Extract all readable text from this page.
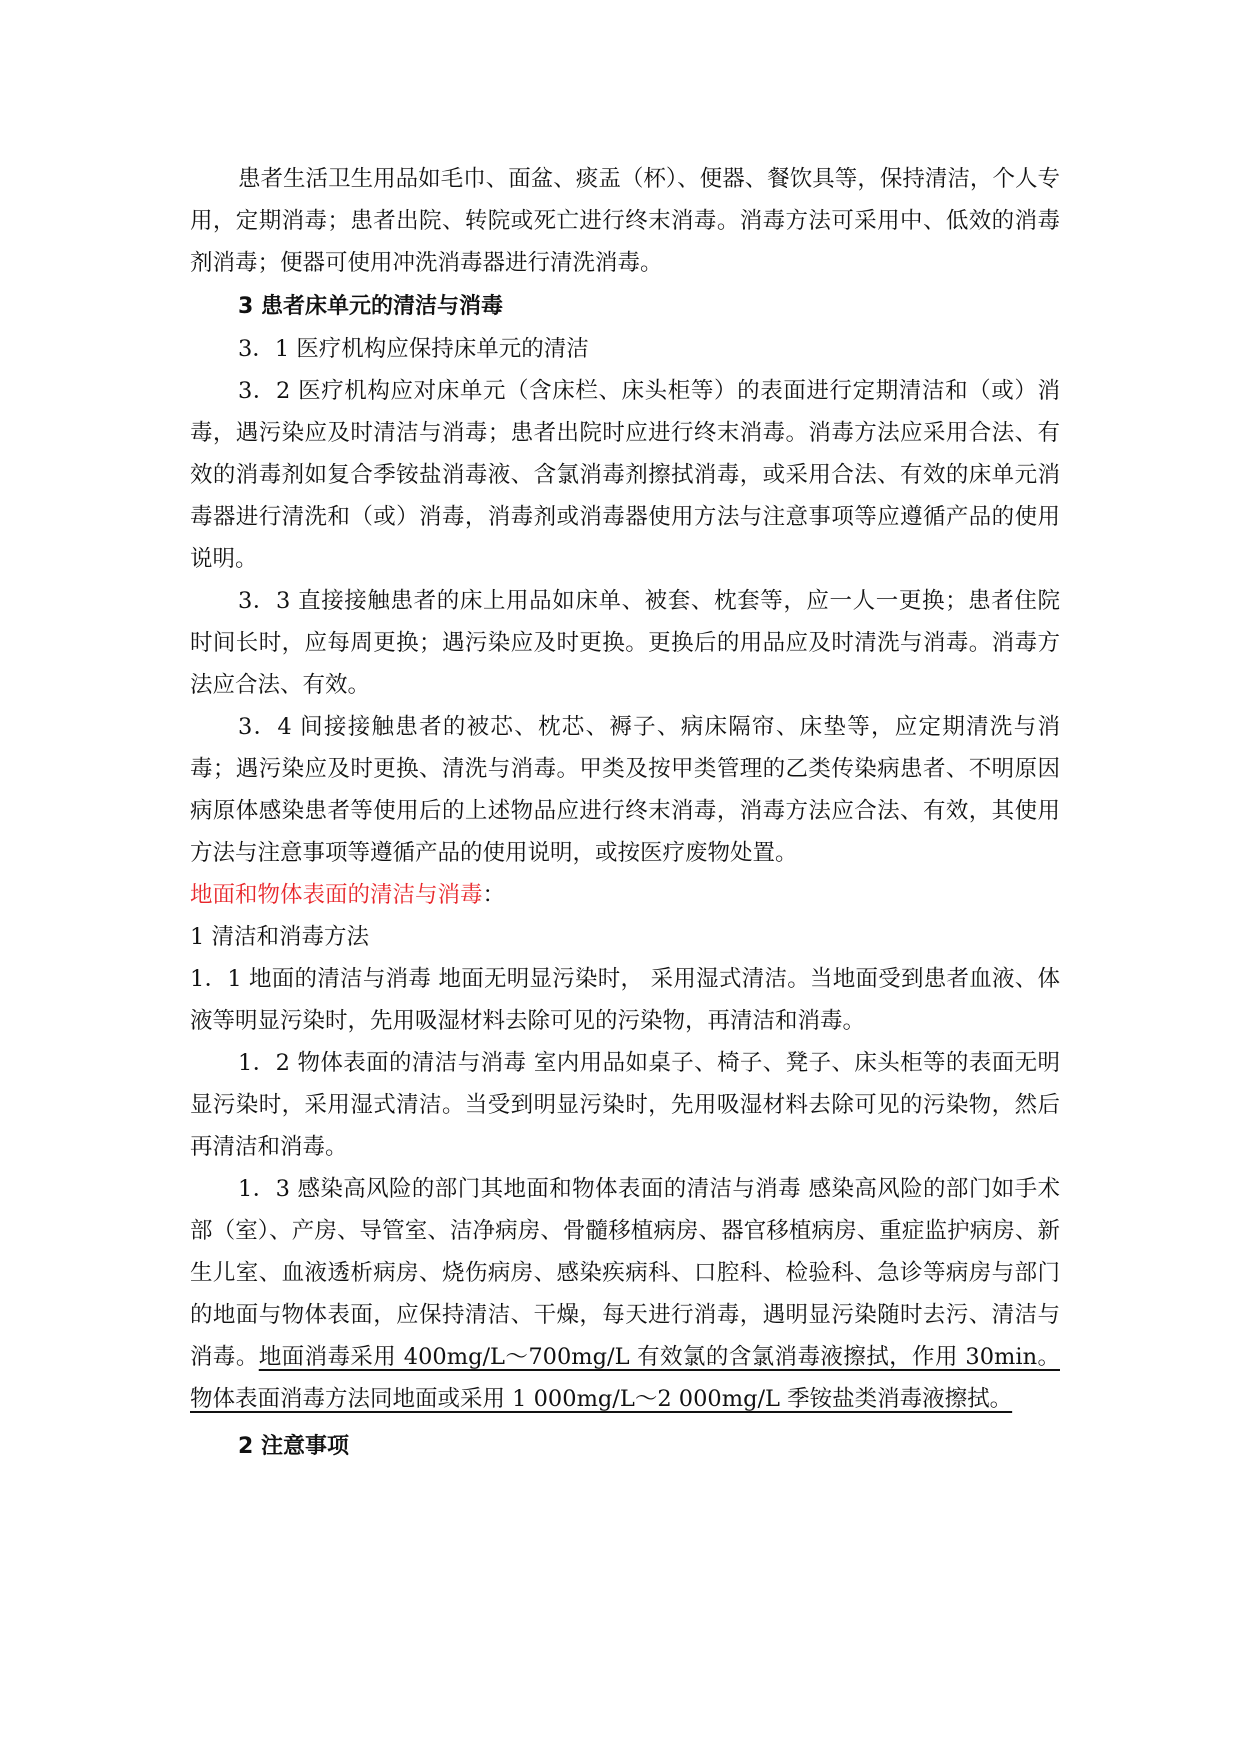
患者生活卫生用品如毛巾、面盆、痰盂（杯）、便器、餐饮具等，保持清洁，个人专用，定期消毒；患者出院、转院或死亡进行终末消毒。消毒方法可采用中、低效的消毒剂消毒；便器可使用冲洗消毒器进行清洗消毒。

3 患者床单元的清洁与消毒

3．1 医疗机构应保持床单元的清洁

3．2 医疗机构应对床单元（含床栏、床头柜等）的表面进行定期清洁和（或）消毒，遇污染应及时清洁与消毒；患者出院时应进行终末消毒。消毒方法应采用合法、有效的消毒剂如复合季铵盐消毒液、含氯消毒剂擦拭消毒，或采用合法、有效的床单元消毒器进行清洗和（或）消毒，消毒剂或消毒器使用方法与注意事项等应遵循产品的使用说明。

3．3 直接接触患者的床上用品如床单、被套、枕套等，应一人一更换；患者住院时间长时，应每周更换；遇污染应及时更换。更换后的用品应及时清洗与消毒。消毒方法应合法、有效。

3．4 间接接触患者的被芯、枕芯、褥子、病床隔帘、床垫等，应定期清洗与消毒；遇污染应及时更换、清洗与消毒。甲类及按甲类管理的乙类传染病患者、不明原因病原体感染患者等使用后的上述物品应进行终末消毒，消毒方法应合法、有效，其使用方法与注意事项等遵循产品的使用说明，或按医疗废物处置。

地面和物体表面的清洁与消毒：

1 清洁和消毒方法

1．1 地面的清洁与消毒 地面无明显污染时， 采用湿式清洁。当地面受到患者血液、体液等明显污染时，先用吸湿材料去除可见的污染物，再清洁和消毒。

1．2 物体表面的清洁与消毒 室内用品如桌子、椅子、凳子、床头柜等的表面无明显污染时，采用湿式清洁。当受到明显污染时，先用吸湿材料去除可见的污染物，然后再清洁和消毒。

1．3 感染高风险的部门其地面和物体表面的清洁与消毒 感染高风险的部门如手术部（室）、产房、导管室、洁净病房、骨髓移植病房、器官移植病房、重症监护病房、新生儿室、血液透析病房、烧伤病房、感染疾病科、口腔科、检验科、急诊等病房与部门的地面与物体表面，应保持清洁、干燥，每天进行消毒，遇明显污染随时去污、清洁与消毒。地面消毒采用 400mg/L～700mg/L 有效氯的含氯消毒液擦拭，作用 30min。物体表面消毒方法同地面或采用 1 000mg/L～2 000mg/L 季铵盐类消毒液擦拭。

2 注意事项
